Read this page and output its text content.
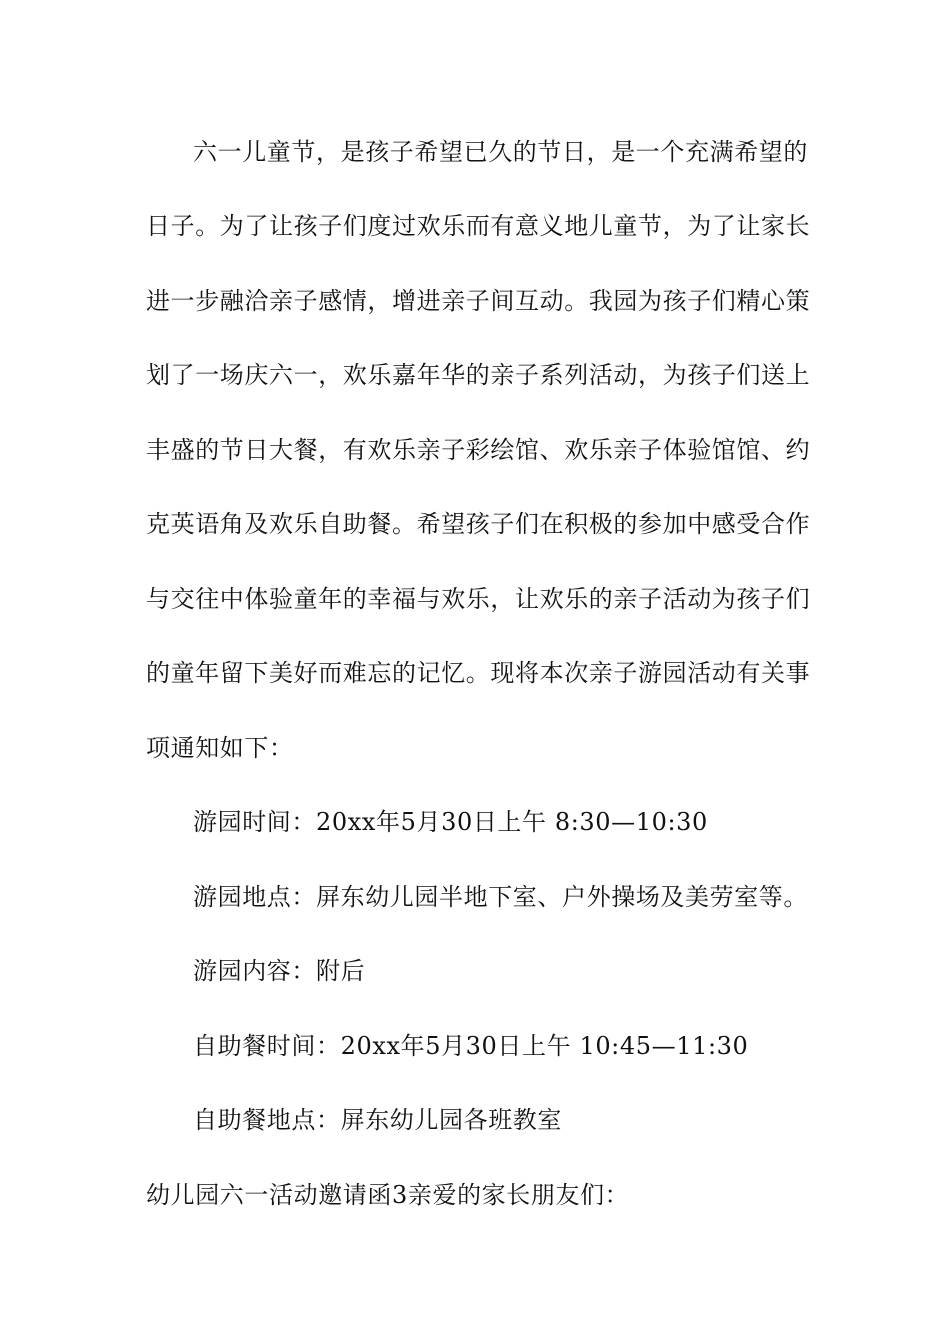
六一儿童节，是孩子希望已久的节日，是一个充满希望的
日子。为了让孩子们度过欢乐而有意义地儿童节，为了让家长
进一步融洽亲子感情，增进亲子间互动。我园为孩子们精心策
划了一场庆六一，欢乐嘉年华的亲子系列活动，为孩子们送上
丰盛的节日大餐，有欢乐亲子彩绘馆、欢乐亲子体验馆馆、约
克英语角及欢乐自助餐。希望孩子们在积极的参加中感受合作
与交往中体验童年的幸福与欢乐，让欢乐的亲子活动为孩子们
的童年留下美好而难忘的记忆。现将本次亲子游园活动有关事
项通知如下：
游园时间：20xx年5月30日上午 8:30—10:30
游园地点：屏东幼儿园半地下室、户外操场及美劳室等。
游园内容：附后
自助餐时间：20xx年5月30日上午 10:45—11:30
自助餐地点：屏东幼儿园各班教室
幼儿园六一活动邀请函3亲爱的家长朋友们：
